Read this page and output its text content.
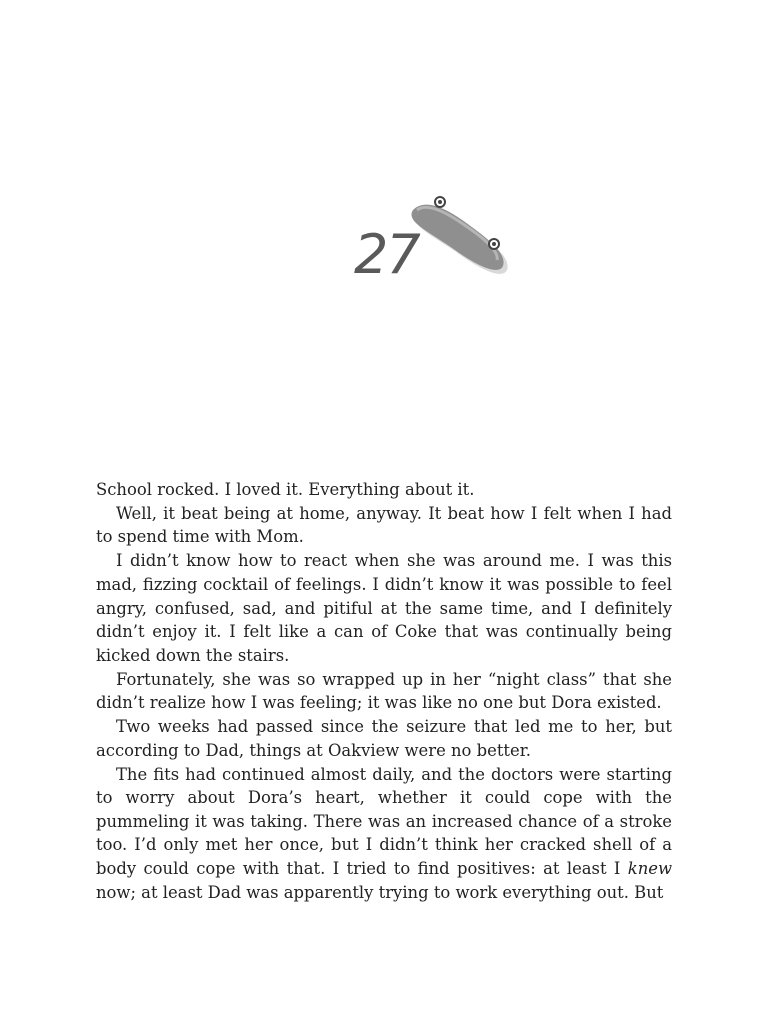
27

School rocked. I loved it. Everything about it.

Well, it beat being at home, anyway. It beat how I felt when I had to spend time with Mom.

I didn’t know how to react when she was around me. I was this mad, fizzing cocktail of feelings. I didn’t know it was possible to feel angry, confused, sad, and pitiful at the same time, and I definitely didn’t enjoy it. I felt like a can of Coke that was continually being kicked down the stairs.

Fortunately, she was so wrapped up in her “night class” that she didn’t realize how I was feeling; it was like no one but Dora existed.

Two weeks had passed since the seizure that led me to her, but according to Dad, things at Oakview were no better.

The fits had continued almost daily, and the doctors were starting to worry about Dora’s heart, whether it could cope with the pummeling it was taking. There was an increased chance of a stroke too. I’d only met her once, but I didn’t think her cracked shell of a body could cope with that. I tried to find positives: at least I knew now; at least Dad was apparently trying to work everything out. But
